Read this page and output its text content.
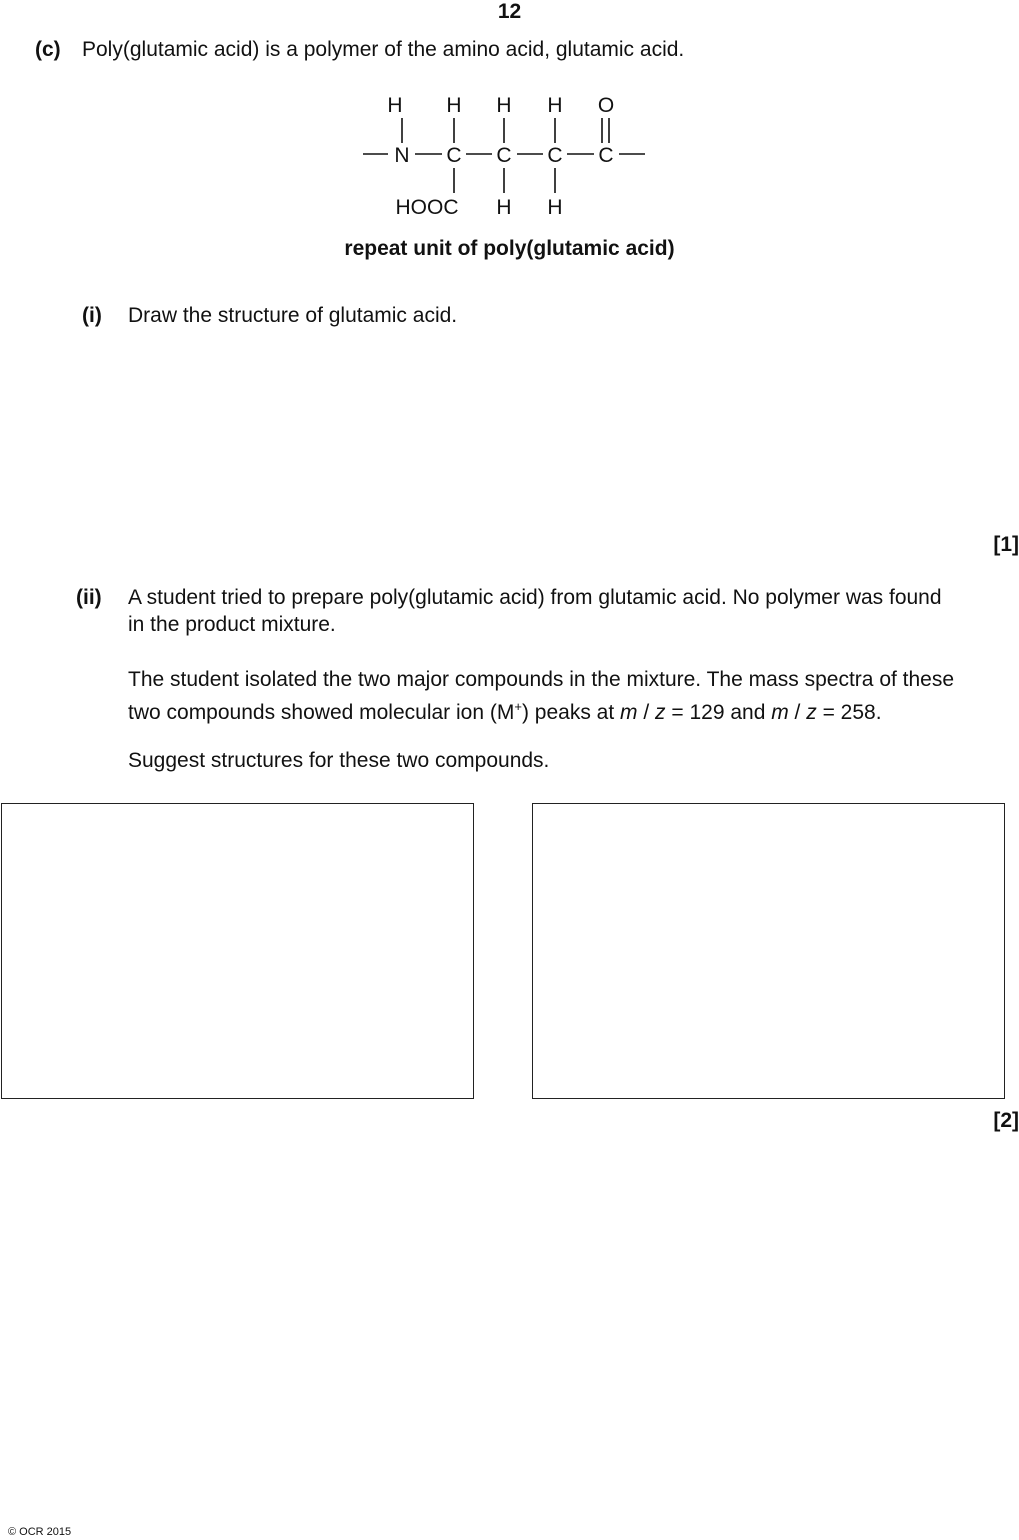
12
(c) Poly(glutamic acid) is a polymer of the amino acid, glutamic acid.
H H H H O
N C C C C
HOOC H H
repeat unit of poly(glutamic acid)
(i) Draw the structure of glutamic acid.
[1]
(ii) A student tried to prepare poly(glutamic acid) from glutamic acid. No polymer was found
in the product mixture.
The student isolated the two major compounds in the mixture. The mass spectra of these
two compounds showed molecular ion (M+) peaks at m / z = 129 and m / z = 258.
Suggest structures for these two compounds.
[2]
© OCR 2015
